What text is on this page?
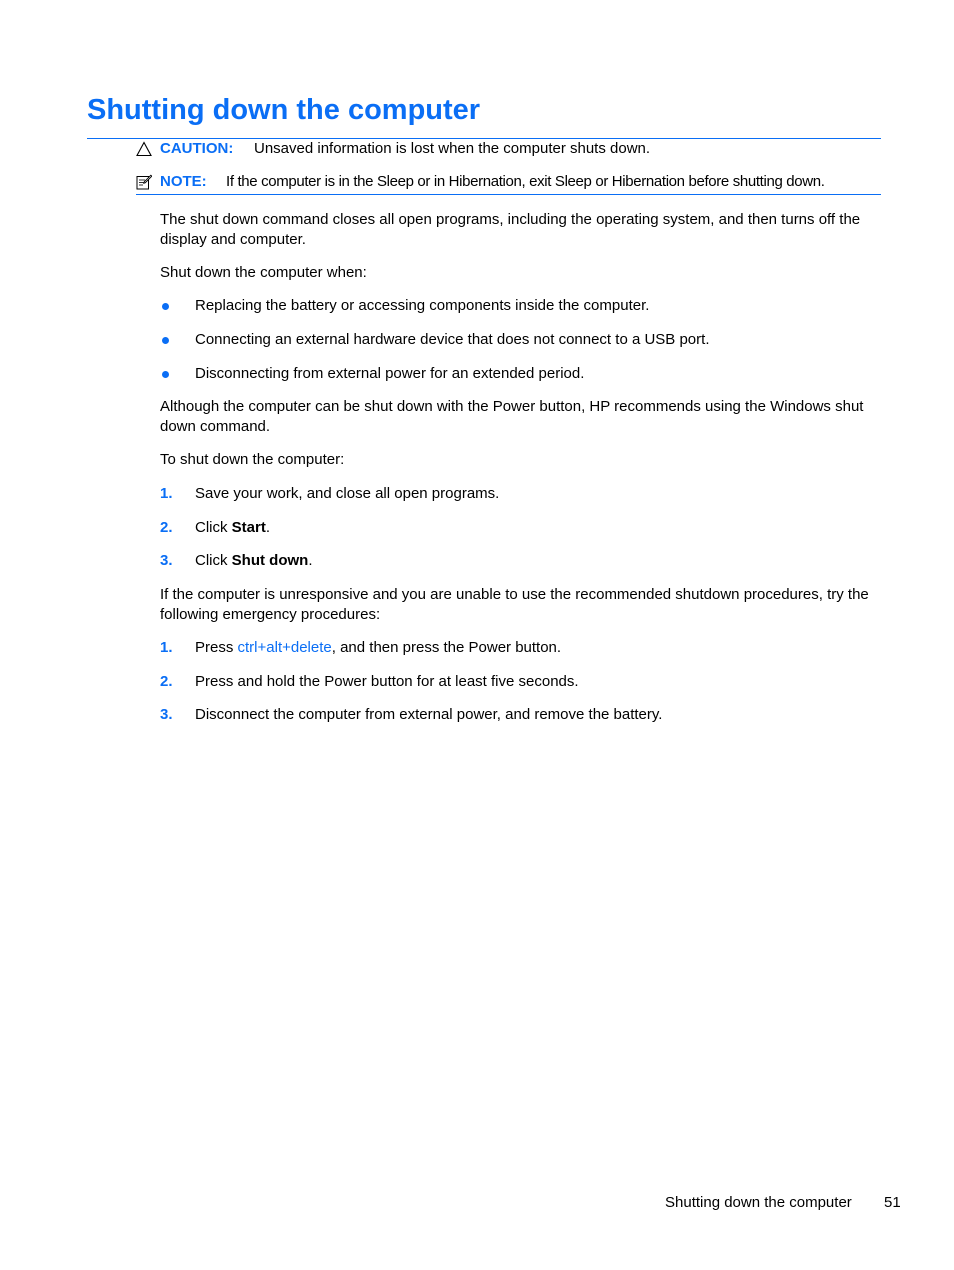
Shutting down the computer
CAUTION: Unsaved information is lost when the computer shuts down.
NOTE: If the computer is in the Sleep or in Hibernation, exit Sleep or Hibernation before shutting down.

The shut down command closes all open programs, including the operating system, and then turns off the display and computer.

Shut down the computer when:

Replacing the battery or accessing components inside the computer.
Connecting an external hardware device that does not connect to a USB port.
Disconnecting from external power for an extended period.

Although the computer can be shut down with the Power button, HP recommends using the Windows shut down command.

To shut down the computer:

1. Save your work, and close all open programs.
2. Click Start.
3. Click Shut down.

If the computer is unresponsive and you are unable to use the recommended shutdown procedures, try the following emergency procedures:

1. Press ctrl+alt+delete, and then press the Power button.
2. Press and hold the Power button for at least five seconds.
3. Disconnect the computer from external power, and remove the battery.
Shutting down the computer 51
